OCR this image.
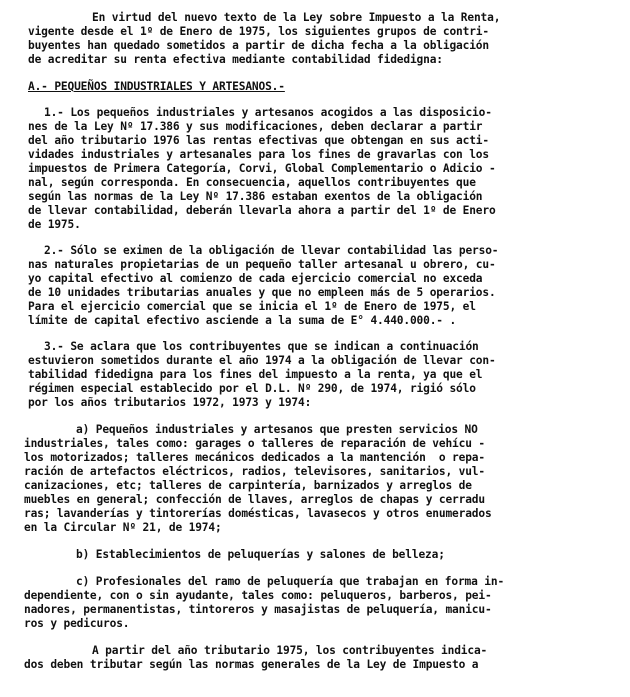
En virtud del nuevo texto de la Ley sobre Impuesto a la Renta,
vigente desde el 1º de Enero de 1975, los siguientes grupos de contri-
buyentes han quedado sometidos a partir de dicha fecha a la obligación
de acreditar su renta efectiva mediante contabilidad fidedigna:
A.- PEQUEÑOS INDUSTRIALES Y ARTESANOS.-
1.- Los pequeños industriales y artesanos acogidos a las disposicio-
nes de la Ley Nº 17.386 y sus modificaciones, deben declarar a partir
del año tributario 1976 las rentas efectivas que obtengan en sus acti-
vidades industriales y artesanales para los fines de gravarlas con los
impuestos de Primera Categoría, Corvi, Global Complementario o Adicio -
nal, según corresponda. En consecuencia, aquellos contribuyentes que
según las normas de la Ley Nº 17.386 estaban exentos de la obligación
de llevar contabilidad, deberán llevarla ahora a partir del 1º de Enero
de 1975.
2.- Sólo se eximen de la obligación de llevar contabilidad las perso-
nas naturales propietarias de un pequeño taller artesanal u obrero, cu-
yo capital efectivo al comienzo de cada ejercicio comercial no exceda
de 10 unidades tributarias anuales y que no empleen más de 5 operarios.
Para el ejercicio comercial que se inicia el 1º de Enero de 1975, el
límite de capital efectivo asciende a la suma de E° 4.440.000.- .
3.- Se aclara que los contribuyentes que se indican a continuación
estuvieron sometidos durante el año 1974 a la obligación de llevar con-
tabilidad fidedigna para los fines del impuesto a la renta, ya que el
régimen especial establecido por el D.L. Nº 290, de 1974, rigió sólo
por los años tributarios 1972, 1973 y 1974:
a) Pequeños industriales y artesanos que presten servicios NO
industriales, tales como: garages o talleres de reparación de vehícu -
los motorizados; talleres mecánicos dedicados a la mantención  o repa-
ración de artefactos eléctricos, radios, televisores, sanitarios, vul-
canizaciones, etc; talleres de carpintería, barnizados y arreglos de
muebles en general; confección de llaves, arreglos de chapas y cerradu
ras; lavanderías y tintorerías domésticas, lavasecos y otros enumerados
en la Circular Nº 21, de 1974;
b) Establecimientos de peluquerías y salones de belleza;
c) Profesionales del ramo de peluquería que trabajan en forma in-
dependiente, con o sin ayudante, tales como: peluqueros, barberos, pei-
nadores, permanentistas, tintoreros y masajistas de peluquería, manicu-
ros y pedicuros.
A partir del año tributario 1975, los contribuyentes indica-
dos deben tributar según las normas generales de la Ley de Impuesto a
